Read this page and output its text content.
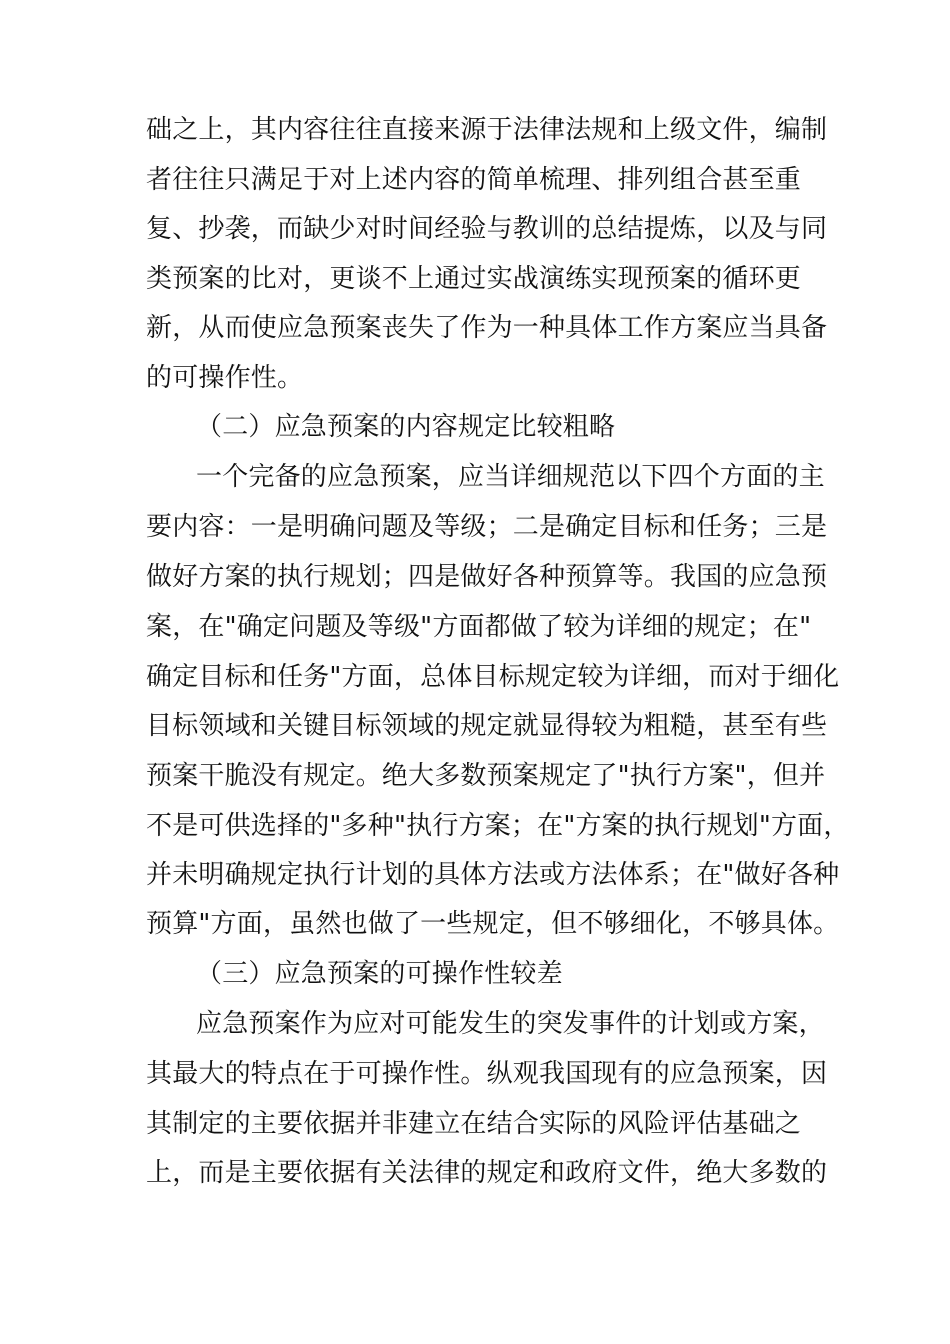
础之上，其内容往往直接来源于法律法规和上级文件，编制
者往往只满足于对上述内容的简单梳理、排列组合甚至重
复、抄袭，而缺少对时间经验与教训的总结提炼，以及与同
类预案的比对，更谈不上通过实战演练实现预案的循环更
新，从而使应急预案丧失了作为一种具体工作方案应当具备
的可操作性。
（二）应急预案的内容规定比较粗略
一个完备的应急预案，应当详细规范以下四个方面的主
要内容：一是明确问题及等级；二是确定目标和任务；三是
做好方案的执行规划；四是做好各种预算等。我国的应急预
案，在"确定问题及等级"方面都做了较为详细的规定；在"
确定目标和任务"方面，总体目标规定较为详细，而对于细化
目标领域和关键目标领域的规定就显得较为粗糙，甚至有些
预案干脆没有规定。绝大多数预案规定了"执行方案"，但并
不是可供选择的"多种"执行方案；在"方案的执行规划"方面，
并未明确规定执行计划的具体方法或方法体系；在"做好各种
预算"方面，虽然也做了一些规定，但不够细化，不够具体。
（三）应急预案的可操作性较差
应急预案作为应对可能发生的突发事件的计划或方案，
其最大的特点在于可操作性。纵观我国现有的应急预案，因
其制定的主要依据并非建立在结合实际的风险评估基础之
上，而是主要依据有关法律的规定和政府文件，绝大多数的
